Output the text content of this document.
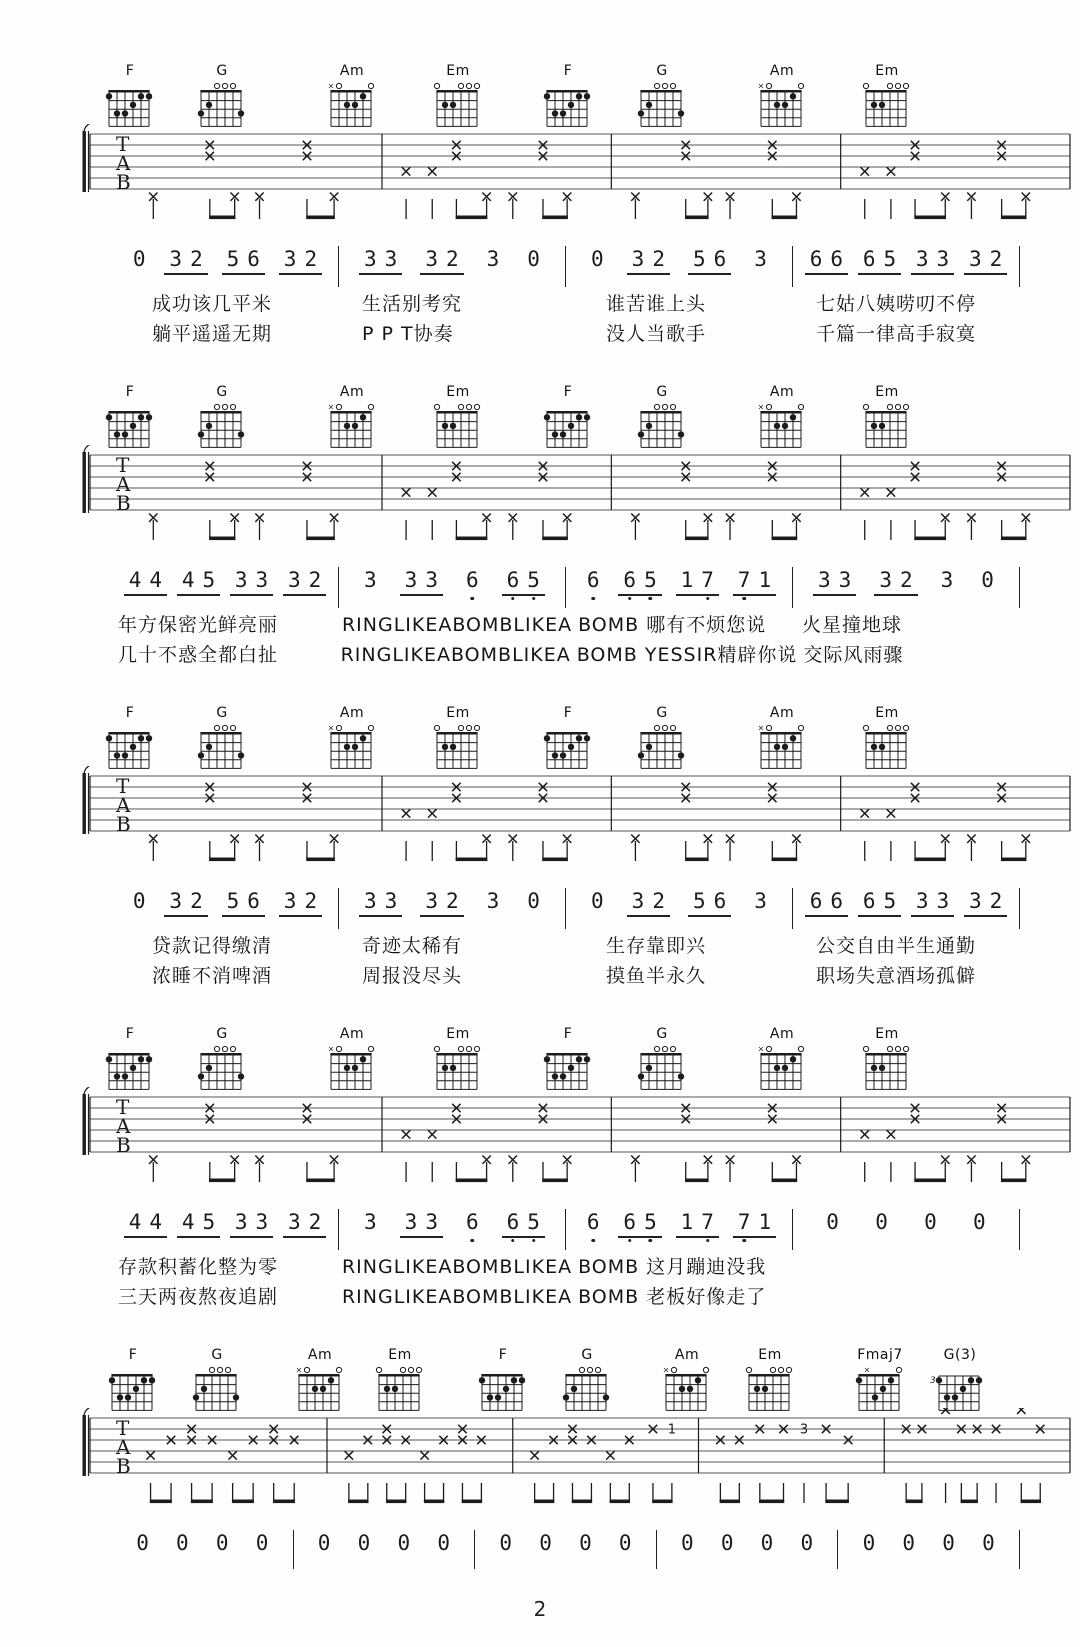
F	G	Am
×
Em	F	G	Am
×
Em
T
A
B
0 3 2 5 6 3 2 3 3 3 2 3 0 0 3 2 5 6 3 6 6 6 5 3 3 3 2
成功该几平米	生活别考究	谁苦谁上头	七姑八姨唠叨不停
躺平遥遥无期	P P T协奏	没人当歌手	千篇一律高手寂寞
F	G	Am
×
Em	F	G	Am
×
Em
T
A
B
4 4 4 5 3 3 3 2 3 3 3 6 6 5 6 6 5 1 7 7 1 3 3 3 2 3 0
年方保密光鲜亮丽	RINGLIKEABOMBLIKEA BOMB 哪有不烦您说	火星撞地球
几十不惑全都白扯	RINGLIKEABOMBLIKEA BOMB YESSIR精辟你说 交际风雨骤
F	G	Am
×
Em	F	G	Am
×
Em
T
A
B
0 3 2 5 6 3 2 3 3 3 2 3 0 0 3 2 5 6 3 6 6 6 5 3 3 3 2
贷款记得缴清	奇迹太稀有	生存靠即兴	公交自由半生通勤
浓睡不消啤酒	周报没尽头	摸鱼半永久	职场失意酒场孤僻
F	G	Am
×
Em	F	G	Am
×
Em
T
A
B
4 4 4 5 3 3 3 2 3 3 3 6 6 5 6 6 5 1 7 7 1	0 0 0 0
存款积蓄化整为零	RINGLIKEABOMBLIKEA BOMB 这月蹦迪没我
三天两夜熬夜追剧	RINGLIKEABOMBLIKEA BOMB 老板好像走了
F	G	Am
×
Em	F	G	Am
×
Em	Fmaj7
×
G(3)
3
T
A
B
1	3
0 0 0 0 0 0 0 0 0 0 0 0 0 0 0 0 0 0 0 0
2
